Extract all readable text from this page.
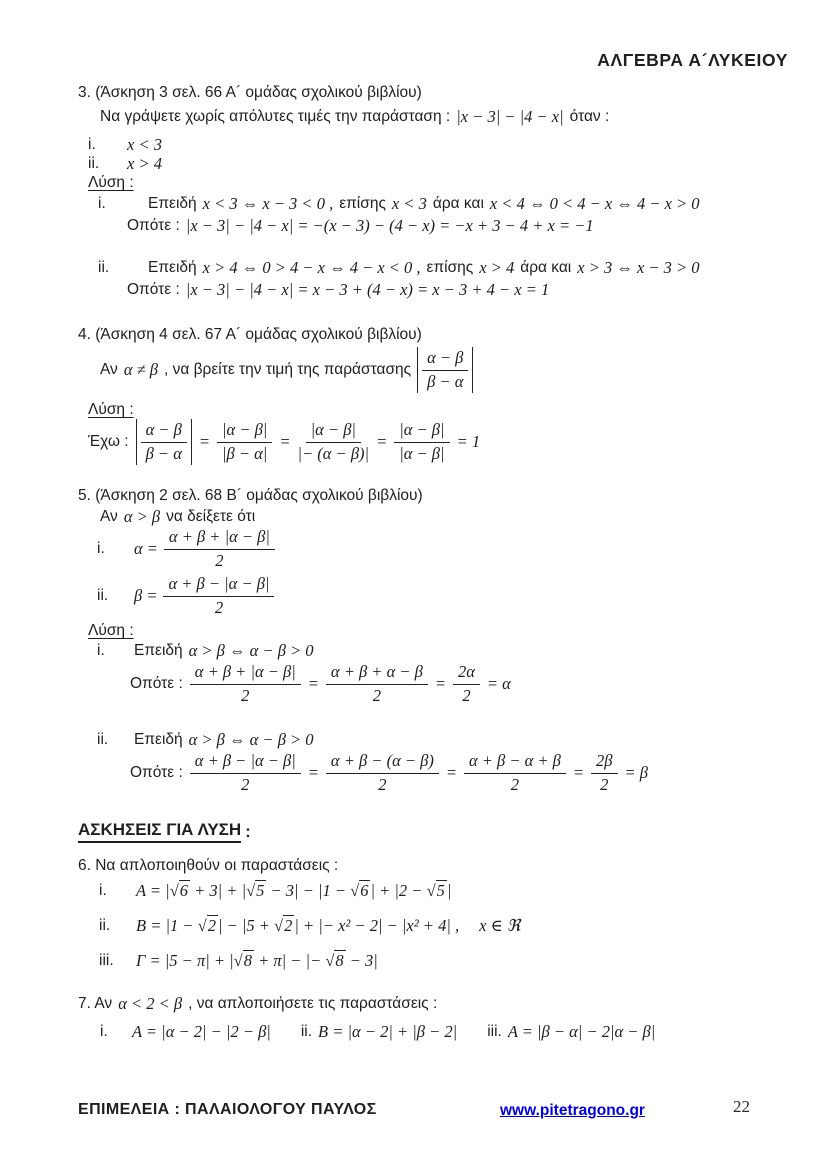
ΑΛΓΕΒΡΑ Α´ΛΥΚΕΙΟΥ
3. (Άσκηση 3 σελ. 66 Α´ ομάδας σχολικού βιβλίου)
Να γράψετε χωρίς απόλυτες τιμές την παράσταση : |x − 3| − |4 − x| όταν :
i.	x < 3
ii.	x > 4
Λύση :
i.	Επειδή x < 3 ⇔ x − 3 < 0 , επίσης x < 3 άρα και x < 4 ⇔ 0 < 4 − x ⇔ 4 − x > 0
Οπότε : |x − 3| − |4 − x| = −(x − 3) − (4 − x) = −x + 3 − 4 + x = −1
ii.	Επειδή x > 4 ⇔ 0 > 4 − x ⇔ 4 − x < 0 , επίσης x > 4 άρα και x > 3 ⇔ x − 3 > 0
Οπότε : |x − 3| − |4 − x| = x − 3 + (4 − x) = x − 3 + 4 − x = 1
4. (Άσκηση 4 σελ. 67 Α´ ομάδας σχολικού βιβλίου)
Αν α ≠ β , να βρείτε την τιμή της παράστασης $\frac{\alpha - \beta}{\beta - \alpha}$
Λύση :
Έχω : $\frac{\alpha - \beta}{\beta - \alpha} = \frac{|\alpha - \beta|}{|\beta - \alpha|} = \frac{|\alpha - \beta|}{|- (\alpha - \beta)|} = \frac{|\alpha - \beta|}{|\alpha - \beta|} = 1$
5. (Άσκηση 2 σελ. 68 Β´ ομάδας σχολικού βιβλίου)
Αν α > β να δείξετε ότι
i.	$\alpha = \frac{\alpha + \beta + |\alpha - \beta|}{2}$
ii.	$\beta = \frac{\alpha + \beta - |\alpha - \beta|}{2}$
Λύση :
i.	Επειδή α > β ⇔ α − β > 0
Οπότε : $\frac{\alpha + \beta + |\alpha - \beta|}{2} = \frac{\alpha + \beta + \alpha - \beta}{2} = \frac{2\alpha}{2} = \alpha$
ii.	Επειδή α > β ⇔ α − β > 0
Οπότε : $\frac{\alpha + \beta - |\alpha - \beta|}{2} = \frac{\alpha + \beta - (\alpha - \beta)}{2} = \frac{\alpha + \beta - \alpha + \beta}{2} = \frac{2\beta}{2} = \beta$
ΑΣΚΗΣΕΙΣ ΓΙΑ ΛΥΣΗ :
6. Να απλοποιηθούν οι παραστάσεις :
i.	Α = |√6 + 3| + |√5 − 3| − |1 − √6 | + |2 − √5 |
ii.	Β = |1 − √2 | − |5 + √2 | + |− x² − 2| − |x² + 4| , x ∈ ℜ
iii.	Γ = |5 − π| + |√8 + π| − |− √8 − 3|
7. Αν α < 2 < β , να απλοποιήσετε τις παραστάσεις :
i.	Α = |α − 2| − |2 − β| ii. Β = |α − 2| + |β − 2| iii. Α = |β − α| − 2|α − β|
ΕΠΙΜΕΛΕΙΑ : ΠΑΛΑΙΟΛΟΓΟΥ ΠΑΥΛΟΣ	www.pitetragono.gr	22
